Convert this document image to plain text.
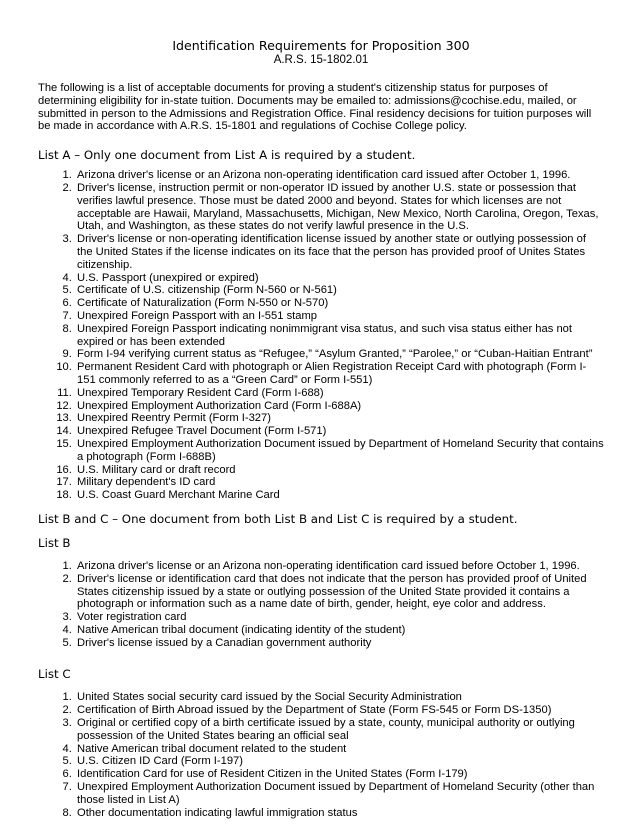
Identification Requirements for Proposition 300
A.R.S. 15-1802.01

The following is a list of acceptable documents for proving a student's citizenship status for purposes of determining eligibility for in-state tuition. Documents may be emailed to: admissions@cochise.edu, mailed, or submitted in person to the Admissions and Registration Office. Final residency decisions for tuition purposes will be made in accordance with A.R.S. 15-1801 and regulations of Cochise College policy.

List A – Only one document from List A is required by a student.
1. Arizona driver's license or an Arizona non-operating identification card issued after October 1, 1996.
2. Driver's license, instruction permit or non-operator ID issued by another U.S. state or possession that verifies lawful presence. Those must be dated 2000 and beyond. States for which licenses are not acceptable are Hawaii, Maryland, Massachusetts, Michigan, New Mexico, North Carolina, Oregon, Texas, Utah, and Washington, as these states do not verify lawful presence in the U.S.
3. Driver's license or non-operating identification license issued by another state or outlying possession of the United States if the license indicates on its face that the person has provided proof of Unites States citizenship.
4. U.S. Passport (unexpired or expired)
5. Certificate of U.S. citizenship (Form N-560 or N-561)
6. Certificate of Naturalization (Form N-550 or N-570)
7. Unexpired Foreign Passport with an I-551 stamp
8. Unexpired Foreign Passport indicating nonimmigrant visa status, and such visa status either has not expired or has been extended
9. Form I-94 verifying current status as “Refugee,” “Asylum Granted,” “Parolee,” or “Cuban-Haitian Entrant”
10. Permanent Resident Card with photograph or Alien Registration Receipt Card with photograph (Form I-151 commonly referred to as a “Green Card” or Form I-551)
11. Unexpired Temporary Resident Card (Form I-688)
12. Unexpired Employment Authorization Card (Form I-688A)
13. Unexpired Reentry Permit (Form I-327)
14. Unexpired Refugee Travel Document (Form I-571)
15. Unexpired Employment Authorization Document issued by Department of Homeland Security that contains a photograph (Form I-688B)
16. U.S. Military card or draft record
17. Military dependent's ID card
18. U.S. Coast Guard Merchant Marine Card
List B and C – One document from both List B and List C is required by a student.
List B
1. Arizona driver's license or an Arizona non-operating identification card issued before October 1, 1996.
2. Driver's license or identification card that does not indicate that the person has provided proof of United States citizenship issued by a state or outlying possession of the United State provided it contains a photograph or information such as a name date of birth, gender, height, eye color and address.
3. Voter registration card
4. Native American tribal document (indicating identity of the student)
5. Driver's license issued by a Canadian government authority
List C
1. United States social security card issued by the Social Security Administration
2. Certification of Birth Abroad issued by the Department of State (Form FS-545 or Form DS-1350)
3. Original or certified copy of a birth certificate issued by a state, county, municipal authority or outlying possession of the United States bearing an official seal
4. Native American tribal document related to the student
5. U.S. Citizen ID Card (Form I-197)
6. Identification Card for use of Resident Citizen in the United States (Form I-179)
7. Unexpired Employment Authorization Document issued by Department of Homeland Security (other than those listed in List A)
8. Other documentation indicating lawful immigration status
